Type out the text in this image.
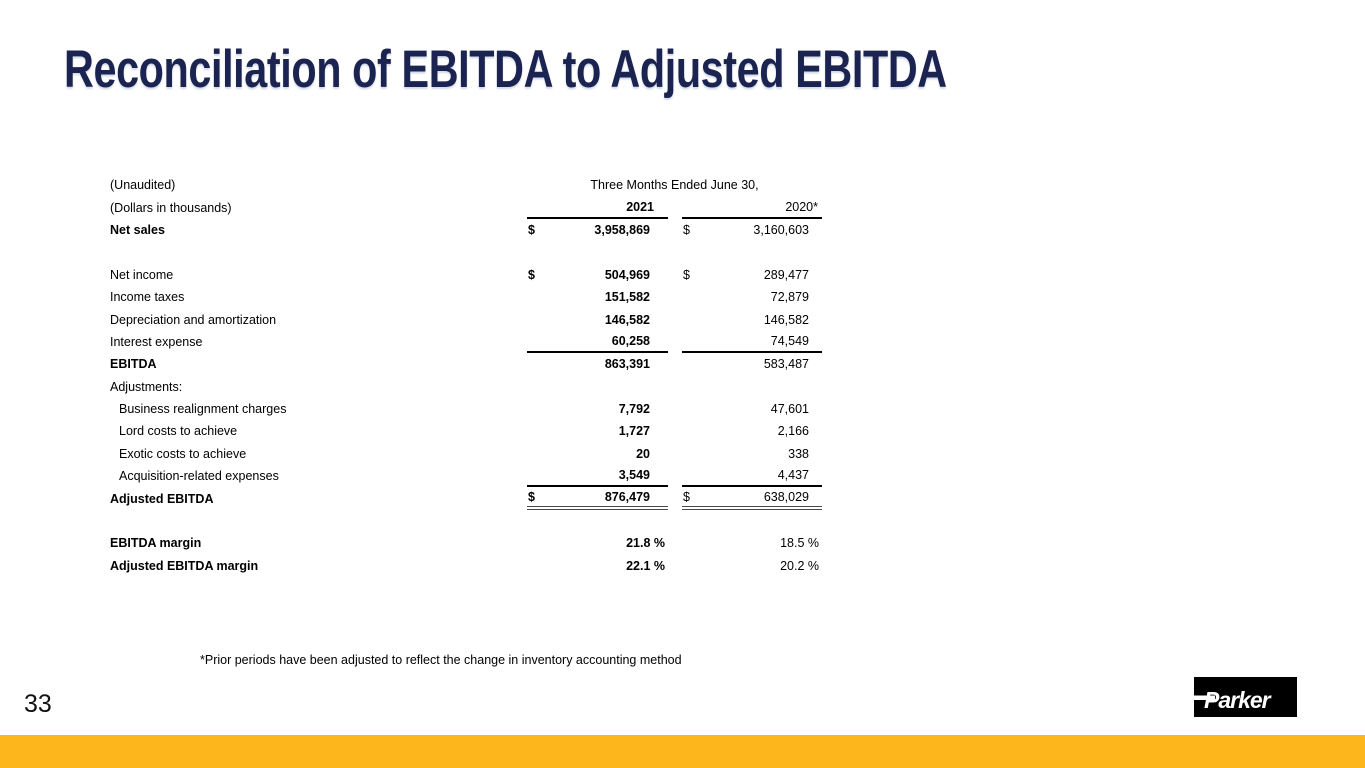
Reconciliation of EBITDA to Adjusted EBITDA
(Unaudited)	Three Months Ended June 30,
(Dollars in thousands)	2021	2020*
Net sales	$	3,958,869	$	3,160,603
Net income	$	504,969	$	289,477
Income taxes	151,582	72,879
Depreciation and amortization	146,582	146,582
Interest expense	60,258	74,549
EBITDA	863,391	583,487
Adjustments:
Business realignment charges	7,792	47,601
Lord costs to achieve	1,727	2,166
Exotic costs to achieve	20	338
Acquisition-related expenses	3,549	4,437
Adjusted EBITDA	$	876,479	$	638,029
EBITDA margin	21.8 %	18.5 %
Adjusted EBITDA margin	22.1 %	20.2 %
*Prior periods have been adjusted to reflect the change in inventory accounting method
33	Parker
